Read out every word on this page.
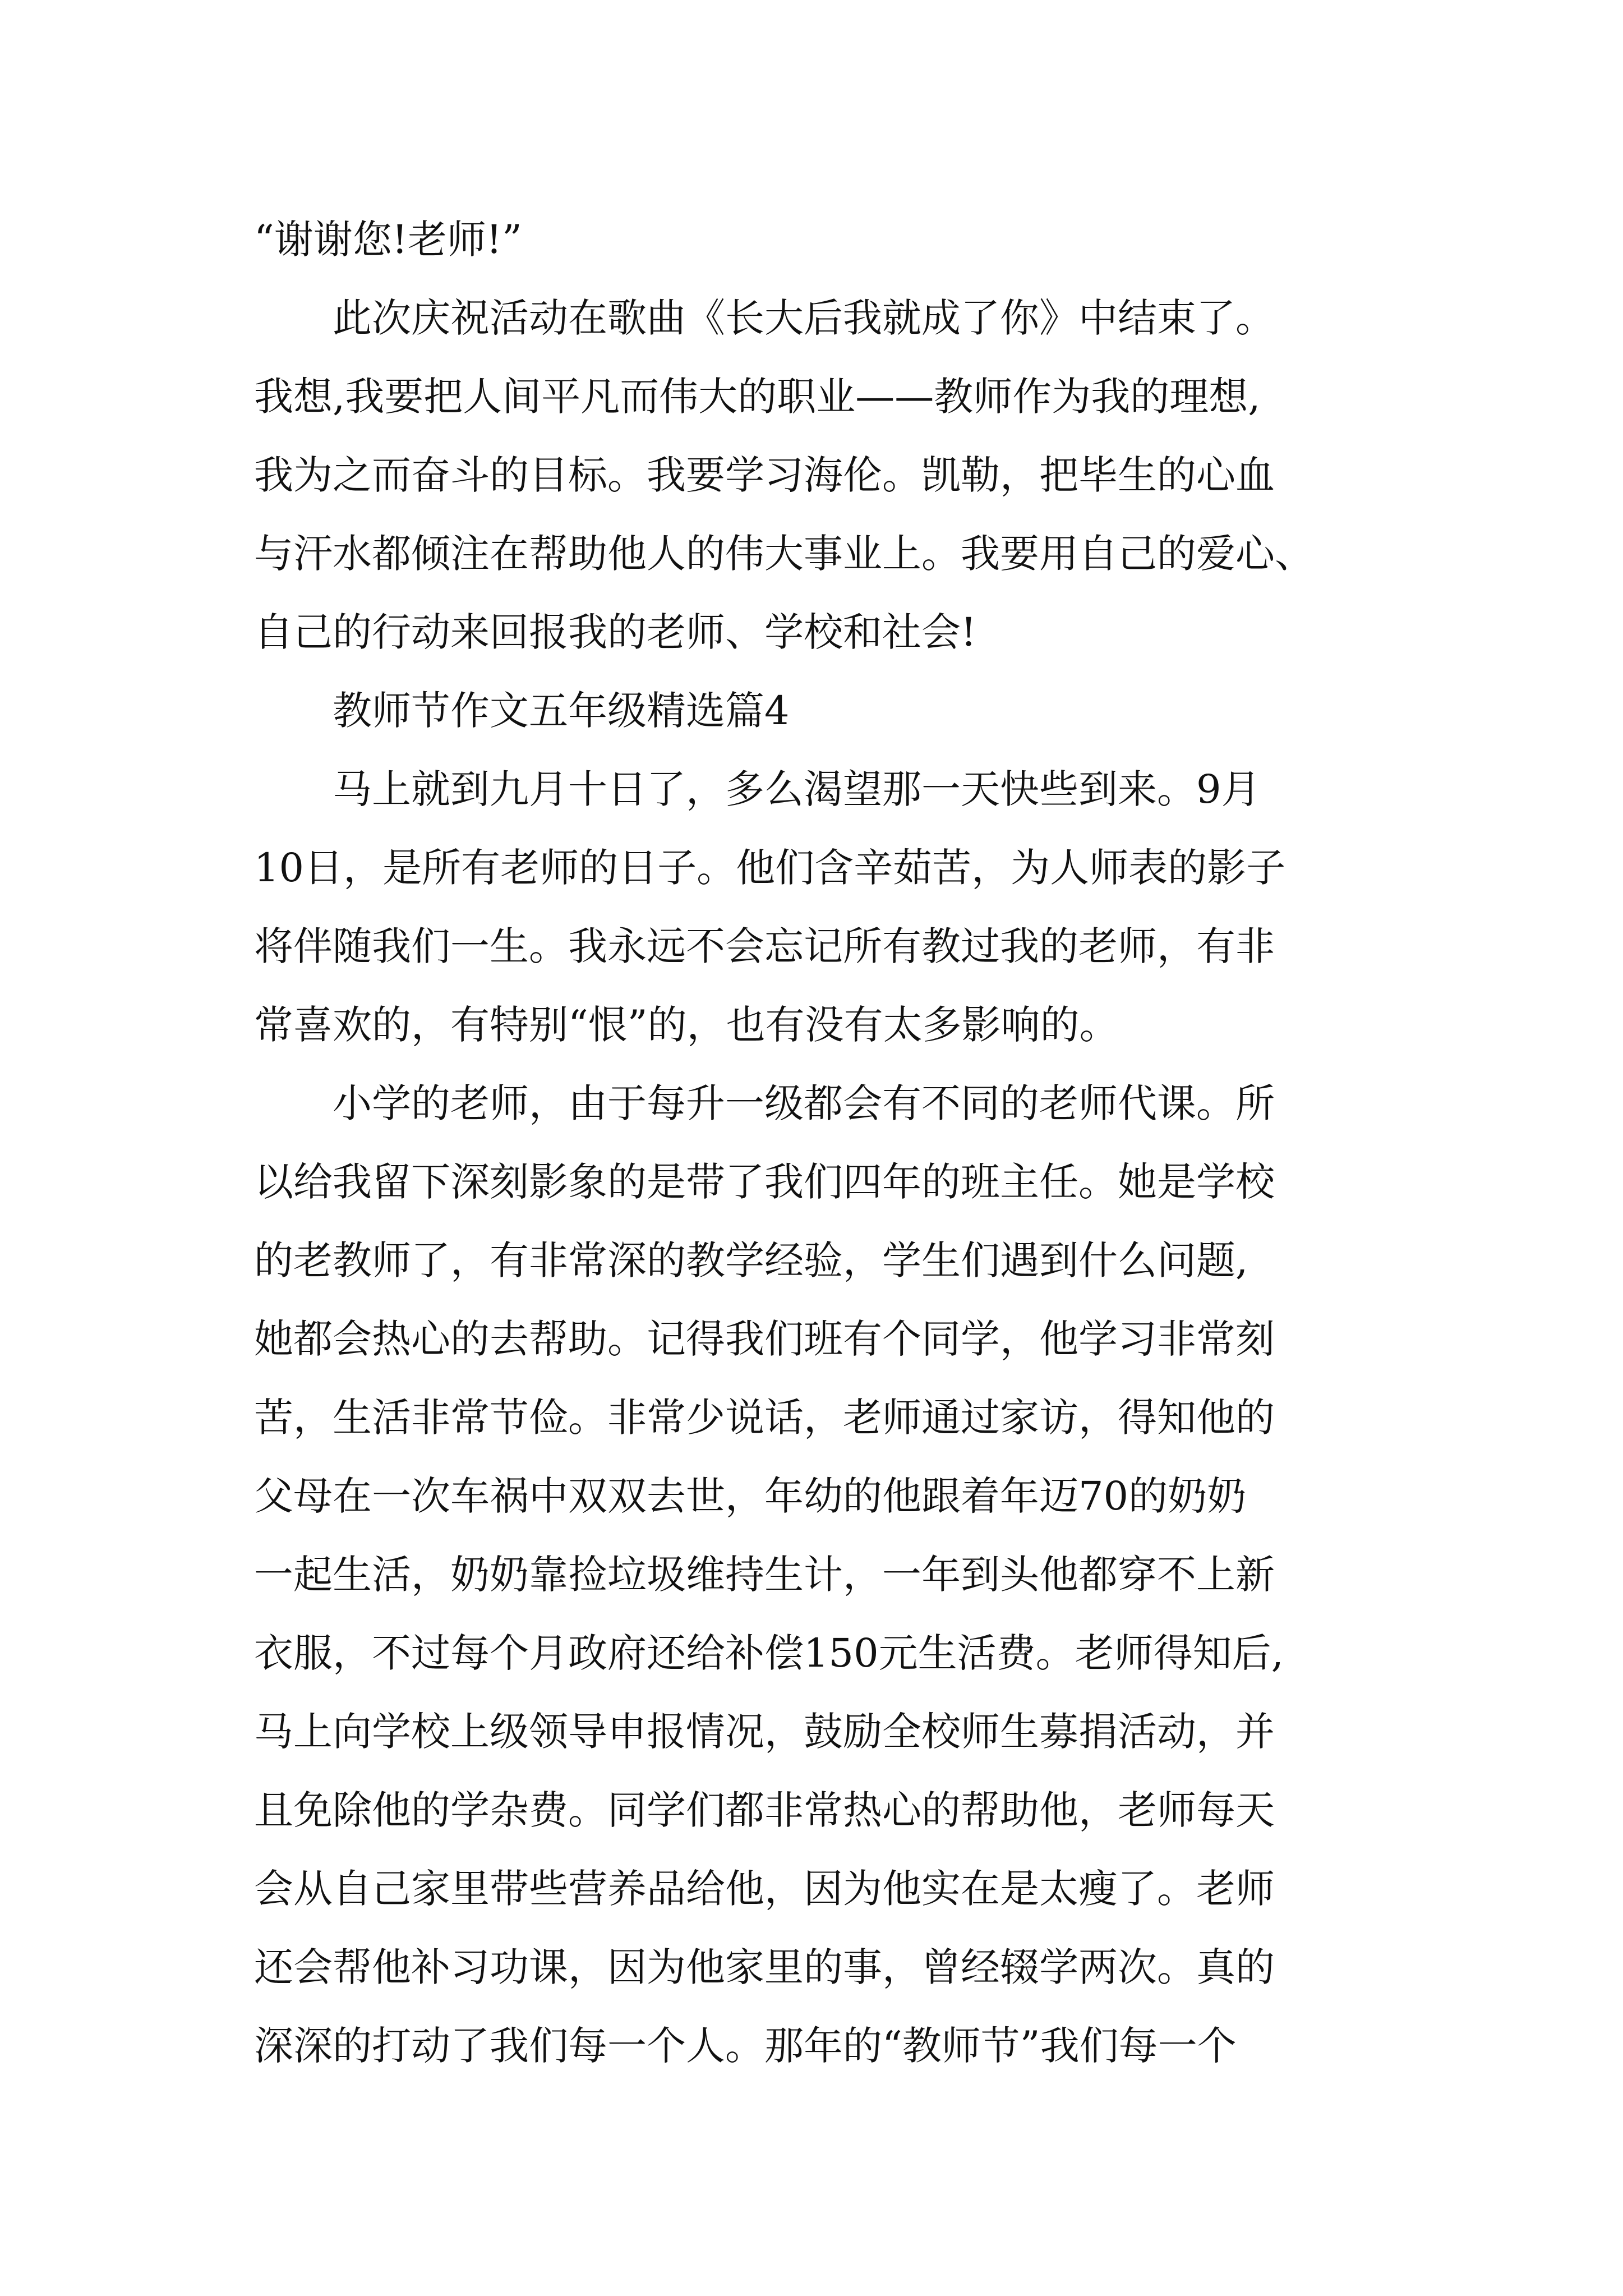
“谢谢您!老师!”
此次庆祝活动在歌曲《长大后我就成了你》中结束了。
我想,我要把人间平凡而伟大的职业——教师作为我的理想,
我为之而奋斗的目标。我要学习海伦。凯勒，把毕生的心血
与汗水都倾注在帮助他人的伟大事业上。我要用自己的爱心、
自己的行动来回报我的老师、学校和社会!
教师节作文五年级精选篇4
马上就到九月十日了，多么渴望那一天快些到来。9月
10日，是所有老师的日子。他们含辛茹苦，为人师表的影子
将伴随我们一生。我永远不会忘记所有教过我的老师，有非
常喜欢的，有特别“恨”的，也有没有太多影响的。
小学的老师，由于每升一级都会有不同的老师代课。所
以给我留下深刻影象的是带了我们四年的班主任。她是学校
的老教师了，有非常深的教学经验，学生们遇到什么问题,
她都会热心的去帮助。记得我们班有个同学，他学习非常刻
苦，生活非常节俭。非常少说话，老师通过家访，得知他的
父母在一次车祸中双双去世，年幼的他跟着年迈70的奶奶
一起生活，奶奶靠捡垃圾维持生计，一年到头他都穿不上新
衣服，不过每个月政府还给补偿150元生活费。老师得知后,
马上向学校上级领导申报情况，鼓励全校师生募捐活动，并
且免除他的学杂费。同学们都非常热心的帮助他，老师每天
会从自己家里带些营养品给他，因为他实在是太瘦了。老师
还会帮他补习功课，因为他家里的事，曾经辍学两次。真的
深深的打动了我们每一个人。那年的“教师节”我们每一个
